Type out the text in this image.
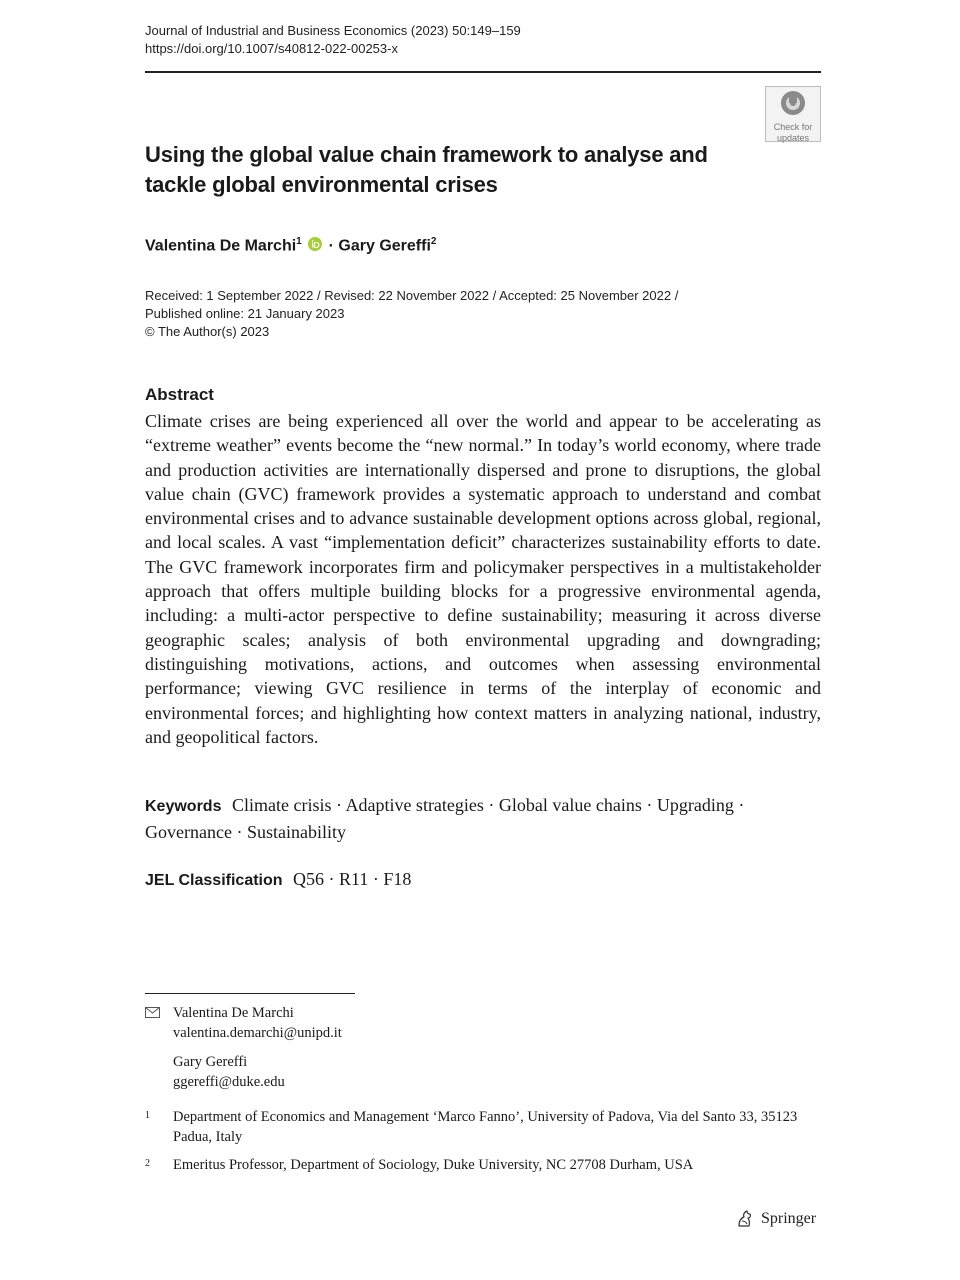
Journal of Industrial and Business Economics (2023) 50:149–159
https://doi.org/10.1007/s40812-022-00253-x
Check for
updates
Using the global value chain framework to analyse and tackle global environmental crises
Valentina De Marchi$^1$  · Gary Gereffi$^2$
Received: 1 September 2022 / Revised: 22 November 2022 / Accepted: 25 November 2022 /
Published online: 21 January 2023
© The Author(s) 2023
Abstract
Climate crises are being experienced all over the world and appear to be accelerating as “extreme weather” events become the “new normal.” In today’s world economy, where trade and production activities are internationally dispersed and prone to disruptions, the global value chain (GVC) framework provides a systematic approach to understand and combat environmental crises and to advance sustainable development options across global, regional, and local scales. A vast “implementation deficit” characterizes sustainability efforts to date. The GVC framework incorporates firm and policymaker perspectives in a multistakeholder approach that offers multiple building blocks for a progressive environmental agenda, including: a multi-actor perspective to define sustainability; measuring it across diverse geographic scales; analysis of both environmental upgrading and downgrading; distinguishing motivations, actions, and outcomes when assessing environmental performance; viewing GVC resilience in terms of the interplay of economic and environmental forces; and highlighting how context matters in analyzing national, industry, and geopolitical factors.
Keywords Climate crisis · Adaptive strategies · Global value chains · Upgrading · Governance · Sustainability
JEL Classification Q56 · R11 · F18
Valentina De Marchi
valentina.demarchi@unipd.it
Gary Gereffi
ggereffi@duke.edu
1 Department of Economics and Management ‘Marco Fanno’, University of Padova, Via del Santo 33, 35123 Padua, Italy
2 Emeritus Professor, Department of Sociology, Duke University, NC 27708 Durham, USA
Springer
